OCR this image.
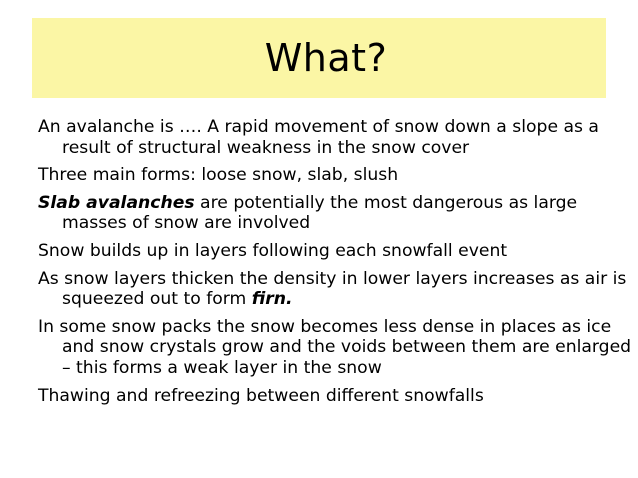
What?

An avalanche is …. A rapid movement of snow down a slope as a result of structural weakness in the snow cover

Three main forms: loose snow, slab, slush

Slab avalanches are potentially the most dangerous as large masses of snow are involved

Snow builds up in layers following each snowfall event

As snow layers thicken the density in lower layers increases as air is squeezed out to form firn.

In some snow packs the snow becomes less dense in places as ice and snow crystals grow and the voids between them are enlarged – this forms a weak layer in the snow

Thawing and refreezing between different snowfalls
